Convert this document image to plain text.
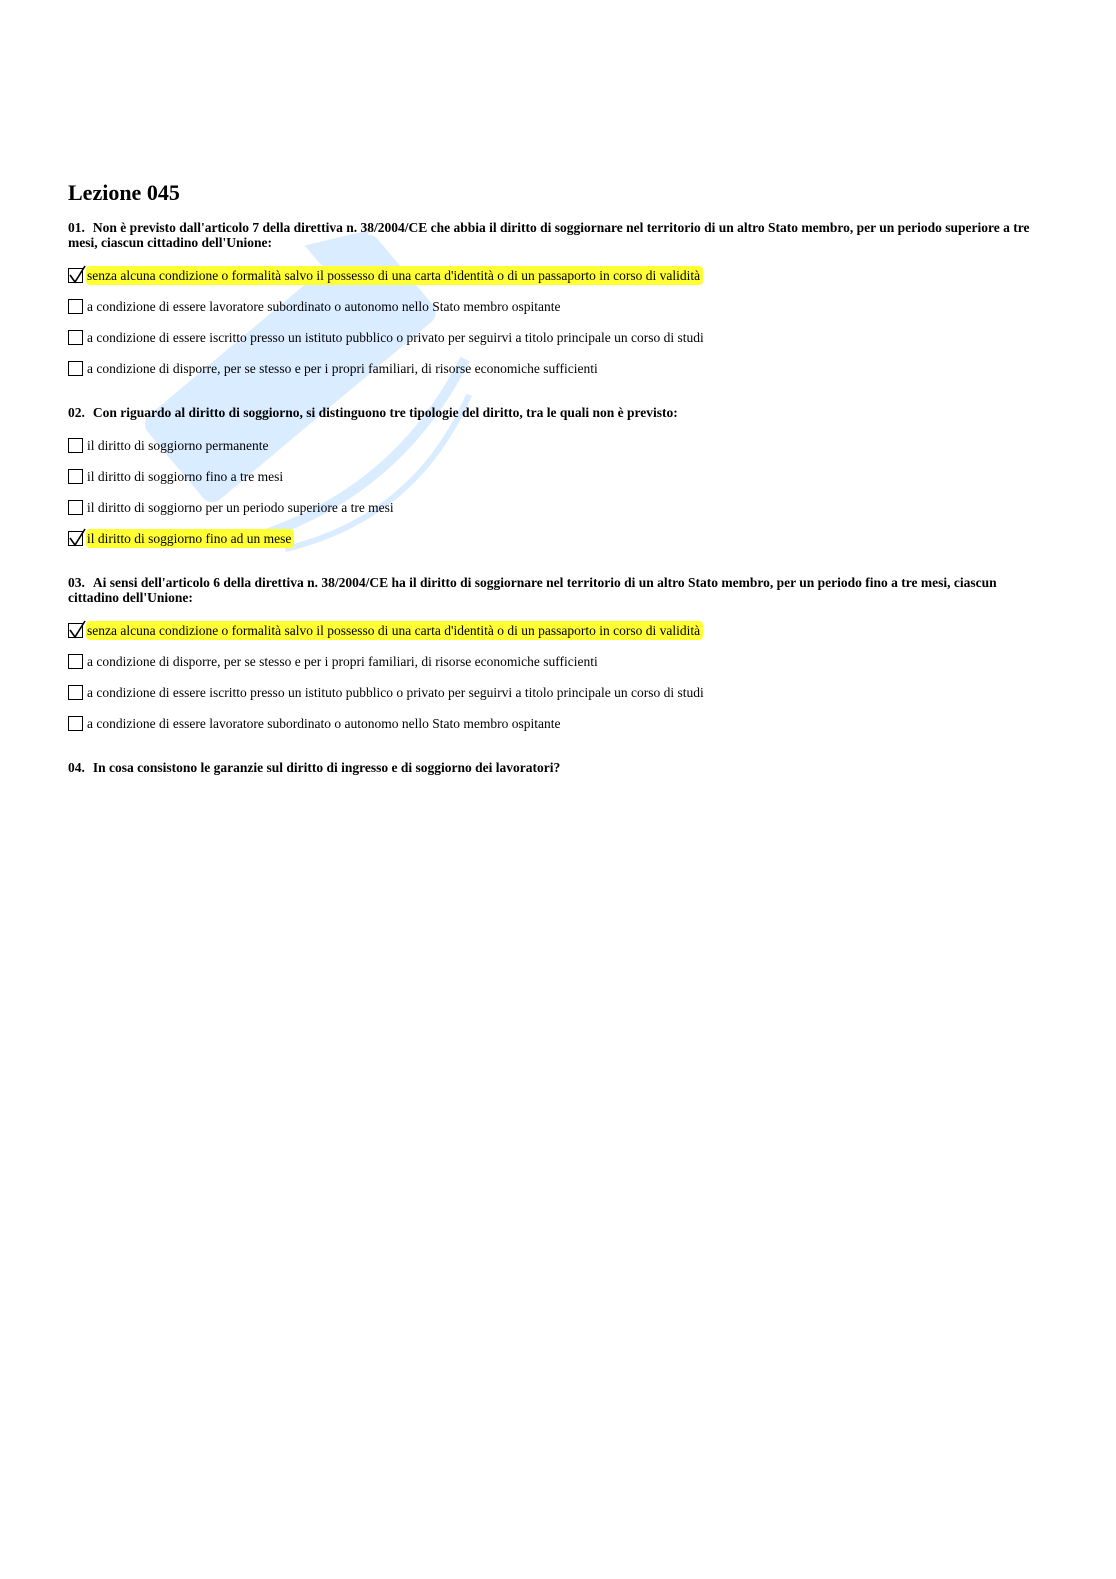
Lezione 045

01. Non è previsto dall'articolo 7 della direttiva n. 38/2004/CE che abbia il diritto di soggiornare nel territorio di un altro Stato membro, per un periodo superiore a tre mesi, ciascun cittadino dell'Unione:

senza alcuna condizione o formalità salvo il possesso di una carta d'identità o di un passaporto in corso di validità
a condizione di essere lavoratore subordinato o autonomo nello Stato membro ospitante
a condizione di essere iscritto presso un istituto pubblico o privato per seguirvi a titolo principale un corso di studi
a condizione di disporre, per se stesso e per i propri familiari, di risorse economiche sufficienti

02. Con riguardo al diritto di soggiorno, si distinguono tre tipologie del diritto, tra le quali non è previsto:

il diritto di soggiorno permanente
il diritto di soggiorno fino a tre mesi
il diritto di soggiorno per un periodo superiore a tre mesi
il diritto di soggiorno fino ad un mese

03. Ai sensi dell'articolo 6 della direttiva n. 38/2004/CE ha il diritto di soggiornare nel territorio di un altro Stato membro, per un periodo fino a tre mesi, ciascun cittadino dell'Unione:

senza alcuna condizione o formalità salvo il possesso di una carta d'identità o di un passaporto in corso di validità
a condizione di disporre, per se stesso e per i propri familiari, di risorse economiche sufficienti
a condizione di essere iscritto presso un istituto pubblico o privato per seguirvi a titolo principale un corso di studi
a condizione di essere lavoratore subordinato o autonomo nello Stato membro ospitante

04. In cosa consistono le garanzie sul diritto di ingresso e di soggiorno dei lavoratori?
